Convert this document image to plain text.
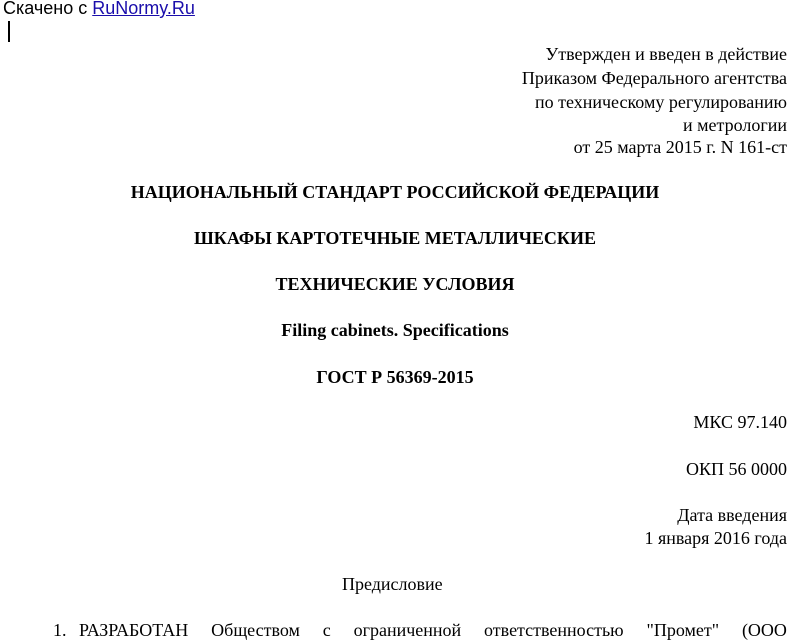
Скачено с RuNormy.Ru
Утвержден и введен в действие
Приказом Федерального агентства
по техническому регулированию
и метрологии
от 25 марта 2015 г. N 161-ст
НАЦИОНАЛЬНЫЙ СТАНДАРТ РОССИЙСКОЙ ФЕДЕРАЦИИ
ШКАФЫ КАРТОТЕЧНЫЕ МЕТАЛЛИЧЕСКИЕ
ТЕХНИЧЕСКИЕ УСЛОВИЯ
Filing cabinets. Specifications
ГОСТ Р 56369-2015
МКС 97.140
ОКП 56 0000
Дата введения
1 января 2016 года
Предисловие
1. РАЗРАБОТАН Обществом с ограниченной ответственностью "Промет" (ООО
